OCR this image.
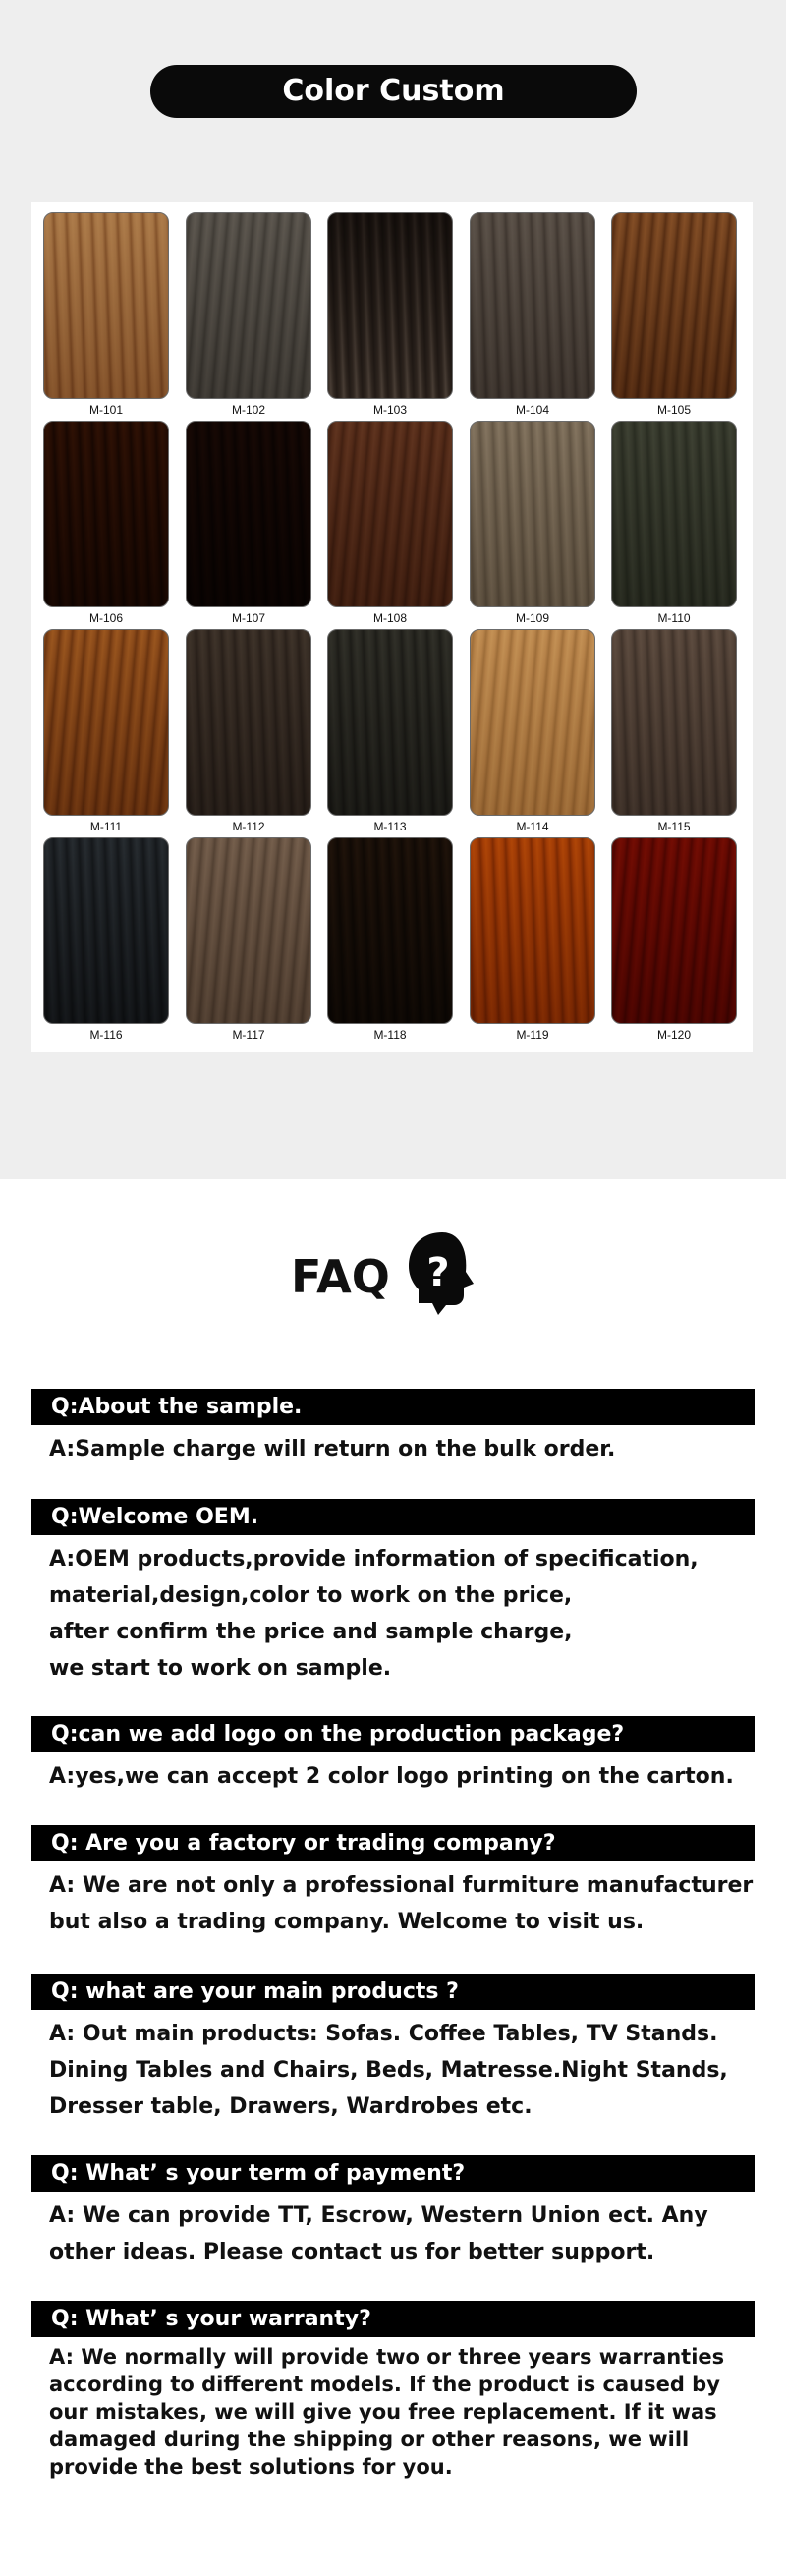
Color Custom
M-101	M-102	M-103	M-104	M-105
M-106	M-107	M-108	M-109	M-110
M-111	M-112	M-113	M-114	M-115
M-116	M-117	M-118	M-119	M-120
FAQ ?
Q:About the sample.
A:Sample charge will return on the bulk order.
Q:Welcome OEM.
A:OEM products,provide information of specification,
material,design,color to work on the price,
after confirm the price and sample charge,
we start to work on sample.
Q:can we add logo on the production package?
A:yes,we can accept 2 color logo printing on the carton.
Q: Are you a factory or trading company?
A: We are not only a professional furmiture manufacturer
but also a trading company. Welcome to visit us.
Q: what are your main products ?
A: Out main products: Sofas. Coffee Tables, TV Stands.
Dining Tables and Chairs, Beds, Matresse.Night Stands,
Dresser table, Drawers, Wardrobes etc.
Q: What’ s your term of payment?
A: We can provide TT, Escrow, Western Union ect. Any
other ideas. Please contact us for better support.
Q: What’ s your warranty?
A: We normally will provide two or three years warranties
according to different models. If the product is caused by
our mistakes, we will give you free replacement. If it was
damaged during the shipping or other reasons, we will
provide the best solutions for you.
